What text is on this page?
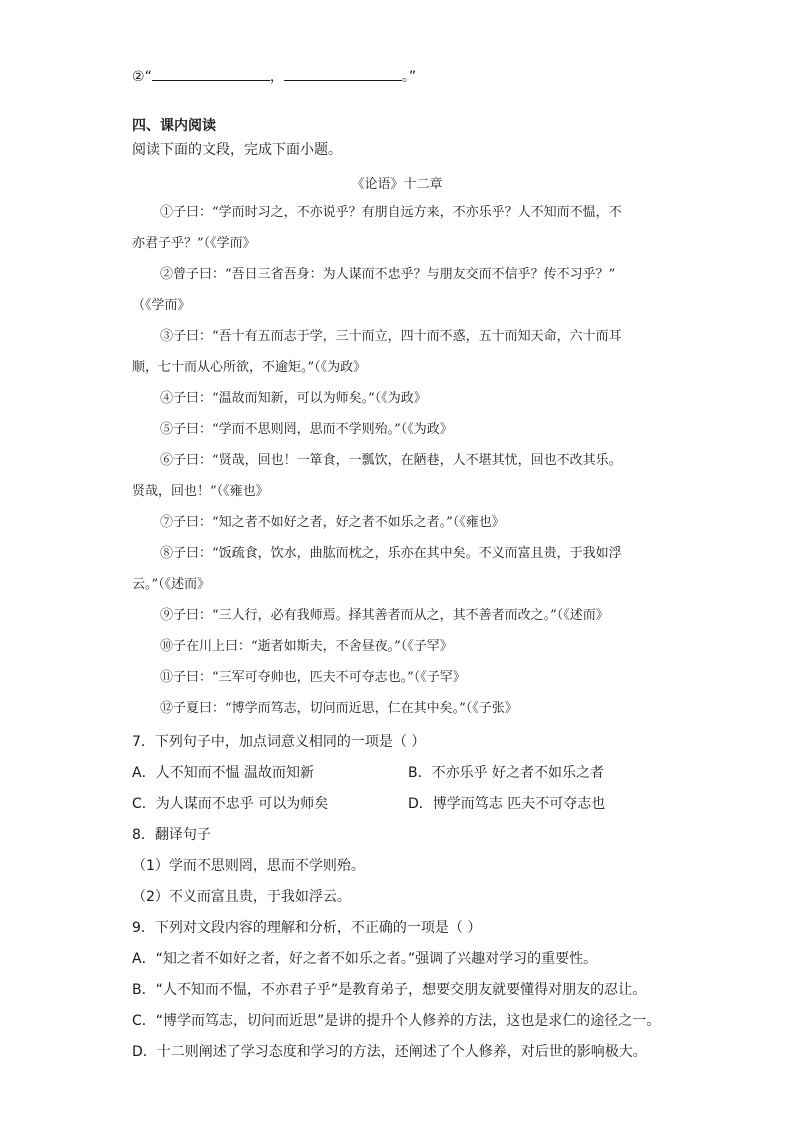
②“	，	。”
四、课内阅读
阅读下面的文段，完成下面小题。
《论语》十二章
①子曰：“学而时习之，不亦说乎？有朋自远方来，不亦乐乎？人不知而不愠，不
亦君子乎？”（《学而》
②曾子曰：“吾日三省吾身：为人谋而不忠乎？与朋友交而不信乎？传不习乎？”
（《学而》
③子曰：“吾十有五而志于学，三十而立，四十而不惑，五十而知天命，六十而耳
顺，七十而从心所欲，不逾矩。”（《为政》
④子曰：“温故而知新，可以为师矣。”（《为政》
⑤子曰：“学而不思则罔，思而不学则殆。”（《为政》
⑥子曰：“贤哉，回也！一箪食，一瓢饮，在陋巷，人不堪其忧，回也不改其乐。
贤哉，回也！”（《雍也》
⑦子曰：“知之者不如好之者，好之者不如乐之者。”（《雍也》
⑧子曰：“饭疏食，饮水，曲肱而枕之，乐亦在其中矣。不义而富且贵，于我如浮
云。”（《述而》
⑨子曰：“三人行，必有我师焉。择其善者而从之，其不善者而改之。”（《述而》
⑩子在川上曰：“逝者如斯夫，不舍昼夜。”（《子罕》
⑪子曰：“三军可夺帅也，匹夫不可夺志也。”（《子罕》
⑫子夏曰：“博学而笃志，切问而近思，仁在其中矣。”（《子张》
7．下列句子中，加点词意义相同的一项是（ ）
A．人不知而不愠 温故而知新	B．不亦乐乎 好之者不如乐之者
C．为人谋而不忠乎 可以为师矣	D．博学而笃志 匹夫不可夺志也
8．翻译句子
（1）学而不思则罔，思而不学则殆。
（2）不义而富且贵，于我如浮云。
9．下列对文段内容的理解和分析，不正确的一项是（ ）
A．“知之者不如好之者，好之者不如乐之者。”强调了兴趣对学习的重要性。
B．“人不知而不愠，不亦君子乎”是教育弟子，想要交朋友就要懂得对朋友的忍让。
C．“博学而笃志，切问而近思”是讲的提升个人修养的方法，这也是求仁的途径之一。
D．十二则阐述了学习态度和学习的方法，还阐述了个人修养，对后世的影响极大。
